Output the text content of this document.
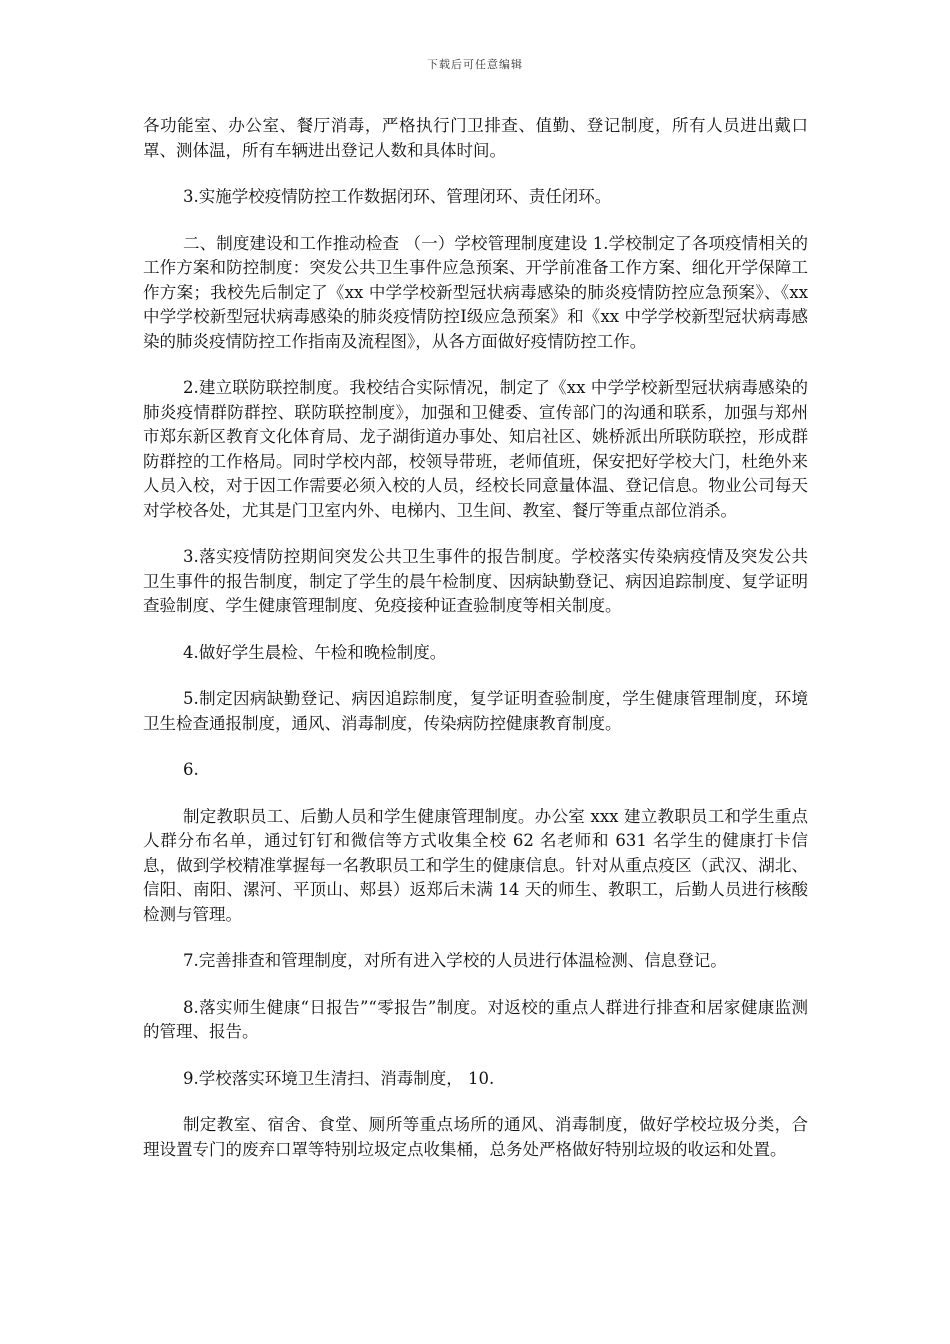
下载后可任意编辑

各功能室、办公室、餐厅消毒，严格执行门卫排查、值勤、登记制度，所有人员进出戴口罩、测体温，所有车辆进出登记人数和具体时间。

3.实施学校疫情防控工作数据闭环、管理闭环、责任闭环。

二、制度建设和工作推动检查 （一）学校管理制度建设 1.学校制定了各项疫情相关的工作方案和防控制度：突发公共卫生事件应急预案、开学前准备工作方案、细化开学保障工作方案；我校先后制定了《xx 中学学校新型冠状病毒感染的肺炎疫情防控应急预案》、《xx 中学学校新型冠状病毒感染的肺炎疫情防控Ⅰ级应急预案》和《xx 中学学校新型冠状病毒感染的肺炎疫情防控工作指南及流程图》，从各方面做好疫情防控工作。

2.建立联防联控制度。我校结合实际情况，制定了《xx 中学学校新型冠状病毒感染的肺炎疫情群防群控、联防联控制度》，加强和卫健委、宣传部门的沟通和联系，加强与郑州市郑东新区教育文化体育局、龙子湖街道办事处、知启社区、姚桥派出所联防联控，形成群防群控的工作格局。同时学校内部，校领导带班，老师值班，保安把好学校大门，杜绝外来人员入校，对于因工作需要必须入校的人员，经校长同意量体温、登记信息。物业公司每天对学校各处，尤其是门卫室内外、电梯内、卫生间、教室、餐厅等重点部位消杀。

3.落实疫情防控期间突发公共卫生事件的报告制度。学校落实传染病疫情及突发公共卫生事件的报告制度，制定了学生的晨午检制度、因病缺勤登记、病因追踪制度、复学证明查验制度、学生健康管理制度、免疫接种证查验制度等相关制度。

4.做好学生晨检、午检和晚检制度。

5.制定因病缺勤登记、病因追踪制度，复学证明查验制度，学生健康管理制度，环境卫生检查通报制度，通风、消毒制度，传染病防控健康教育制度。

6.

制定教职员工、后勤人员和学生健康管理制度。办公室 xxx 建立教职员工和学生重点人群分布名单，通过钉钉和微信等方式收集全校 62 名老师和 631 名学生的健康打卡信息，做到学校精准掌握每一名教职员工和学生的健康信息。针对从重点疫区（武汉、湖北、信阳、南阳、漯河、平顶山、郏县）返郑后未满 14 天的师生、教职工，后勤人员进行核酸检测与管理。

7.完善排查和管理制度，对所有进入学校的人员进行体温检测、信息登记。

8.落实师生健康“日报告”“零报告”制度。对返校的重点人群进行排查和居家健康监测的管理、报告。

9.学校落实环境卫生清扫、消毒制度， 10.

制定教室、宿舍、食堂、厕所等重点场所的通风、消毒制度，做好学校垃圾分类，合理设置专门的废弃口罩等特别垃圾定点收集桶，总务处严格做好特别垃圾的收运和处置。
